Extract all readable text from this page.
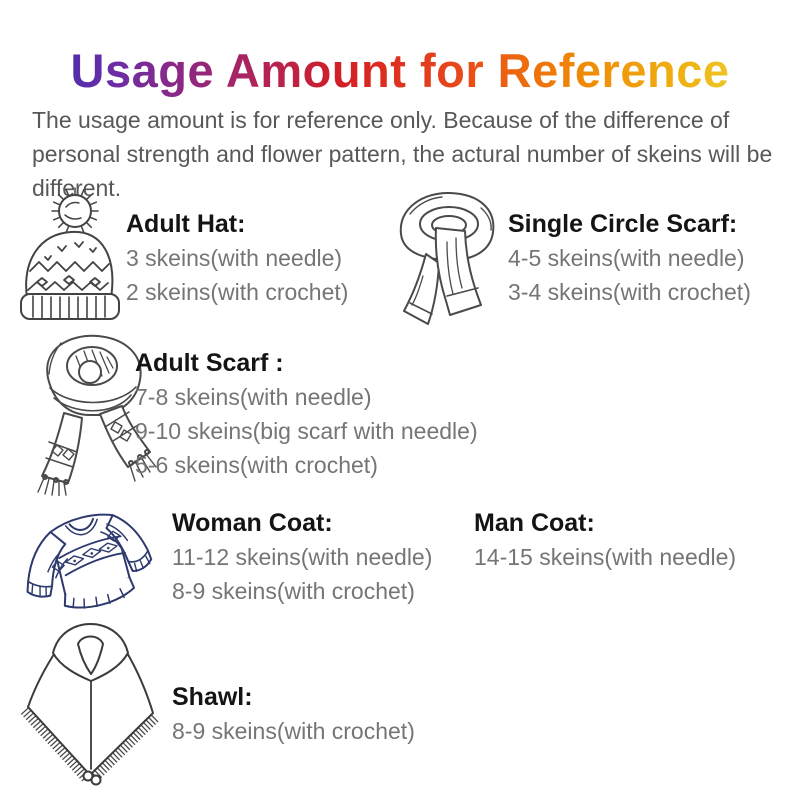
Usage Amount for Reference

The usage amount is for reference only. Because of the difference of personal strength and flower pattern, the actural number of skeins will be different.

Adult Hat:
3 skeins(with needle)
2 skeins(with crochet)
Single Circle Scarf:
4-5 skeins(with needle)
3-4 skeins(with crochet)
Adult Scarf :
7-8 skeins(with needle)
9-10 skeins(big scarf with needle)
5-6 skeins(with crochet)
Woman Coat:
11-12 skeins(with needle)
8-9 skeins(with crochet)
Man Coat:
14-15 skeins(with needle)
Shawl:
8-9 skeins(with crochet)
